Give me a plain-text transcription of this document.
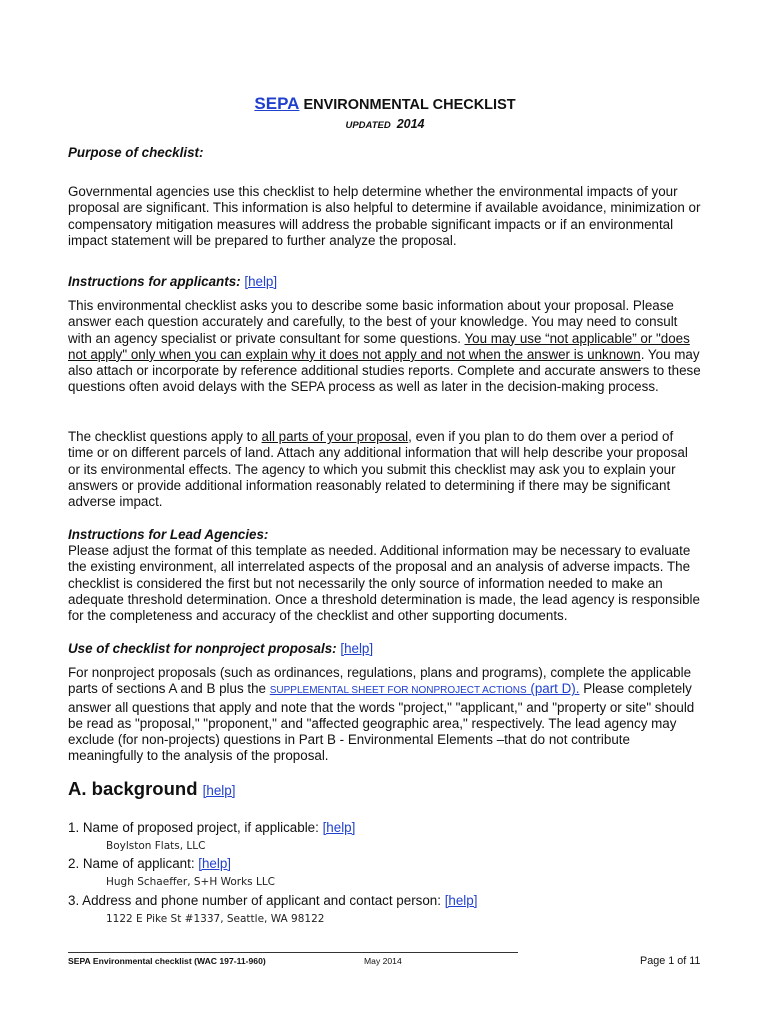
SEPA ENVIRONMENTAL CHECKLIST
UPDATED 2014
Purpose of checklist:

Governmental agencies use this checklist to help determine whether the environmental impacts of your proposal are significant. This information is also helpful to determine if available avoidance, minimization or compensatory mitigation measures will address the probable significant impacts or if an environmental impact statement will be prepared to further analyze the proposal.

Instructions for applicants: [help]

This environmental checklist asks you to describe some basic information about your proposal. Please answer each question accurately and carefully, to the best of your knowledge. You may need to consult with an agency specialist or private consultant for some questions. You may use “not applicable” or "does not apply" only when you can explain why it does not apply and not when the answer is unknown. You may also attach or incorporate by reference additional studies reports. Complete and accurate answers to these questions often avoid delays with the SEPA process as well as later in the decision-making process.

The checklist questions apply to all parts of your proposal, even if you plan to do them over a period of time or on different parcels of land. Attach any additional information that will help describe your proposal or its environmental effects. The agency to which you submit this checklist may ask you to explain your answers or provide additional information reasonably related to determining if there may be significant adverse impact.

Instructions for Lead Agencies:

Please adjust the format of this template as needed. Additional information may be necessary to evaluate the existing environment, all interrelated aspects of the proposal and an analysis of adverse impacts. The checklist is considered the first but not necessarily the only source of information needed to make an adequate threshold determination. Once a threshold determination is made, the lead agency is responsible for the completeness and accuracy of the checklist and other supporting documents.

Use of checklist for nonproject proposals: [help]

For nonproject proposals (such as ordinances, regulations, plans and programs), complete the applicable parts of sections A and B plus the SUPPLEMENTAL SHEET FOR NONPROJECT ACTIONS (part D). Please completely answer all questions that apply and note that the words "project," "applicant," and "property or site" should be read as "proposal," "proponent," and "affected geographic area," respectively. The lead agency may exclude (for non-projects) questions in Part B - Environmental Elements –that do not contribute meaningfully to the analysis of the proposal.

A. background [help]
1. Name of proposed project, if applicable: [help]
Boylston Flats, LLC
2. Name of applicant: [help]
Hugh Schaeffer, S+H Works LLC
3. Address and phone number of applicant and contact person: [help]
1122 E Pike St #1337, Seattle, WA 98122
SEPA Environmental checklist (WAC 197-11-960)	May 2014	Page 1 of 11
